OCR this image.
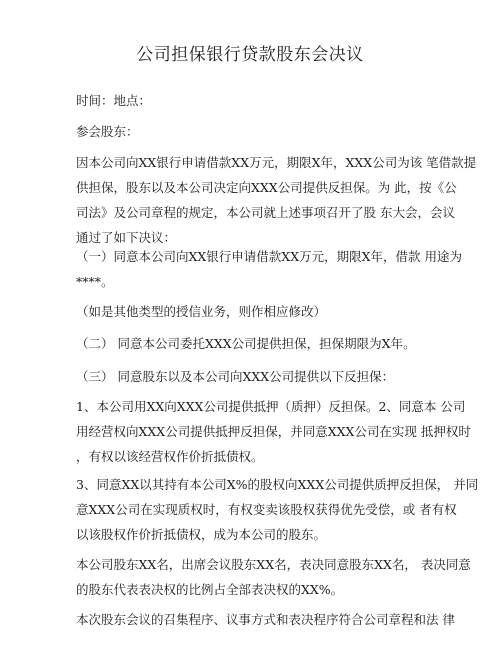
公司担保银行贷款股东会决议
时间：地点：
参会股东：
因本公司向XX银行申请借款XX万元，期限X年，XXX公司为该 笔借款提
供担保，股东以及本公司决定向XXX公司提供反担保。为 此，按《公
司法》及公司章程的规定，本公司就上述事项召开了股 东大会，会议
通过了如下决议：
（一）同意本公司向XX银行申请借款XX万元，期限X年，借款 用途为
****。
（如是其他类型的授信业务，则作相应修改）
（二） 同意本公司委托XXX公司提供担保，担保期限为X年。
（三） 同意股东以及本公司向XXX公司提供以下反担保：
1、本公司用XX向XXX公司提供抵押（质押）反担保。2、同意本 公司
用经营权向XXX公司提供抵押反担保，并同意XXX公司在实现 抵押权时
，有权以该经营权作价折抵债权。
3、同意XX以其持有本公司X%的股权向XXX公司提供质押反担保， 并同
意XXX公司在实现质权时，有权变卖该股权获得优先受偿，或 者有权
以该股权作价折抵债权，成为本公司的股东。
本公司股东XX名，出席会议股东XX名，表决同意股东XX名， 表决同意
的股东代表表决权的比例占全部表决权的XX%。
本次股东会议的召集程序、议事方式和表决程序符合公司章程和法 律
